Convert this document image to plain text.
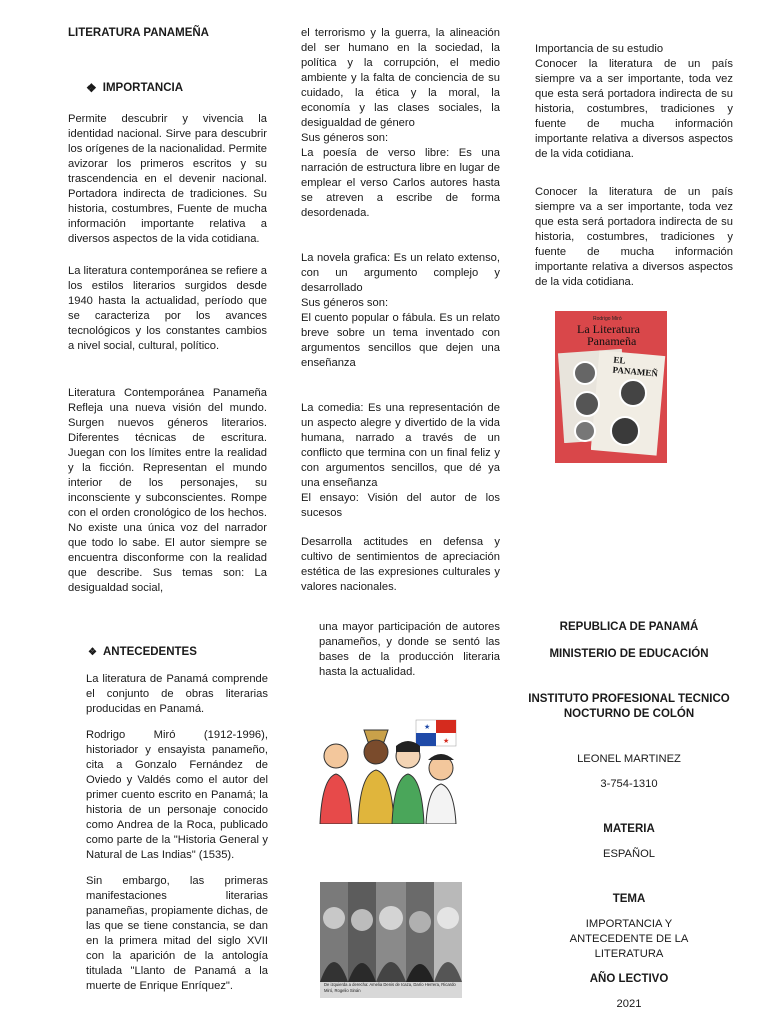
LITERATURA PANAMEÑA

❖ IMPORTANCIA

Permite descubrir y vivencia la identidad nacional. Sirve para descubrir los orígenes de la nacionalidad. Permite avizorar los primeros escritos y su trascendencia en el devenir nacional. Portadora indirecta de tradiciones. Su historia, costumbres, Fuente de mucha información importante relativa a diversos aspectos de la vida cotidiana.

La literatura contemporánea se refiere a los estilos literarios surgidos desde 1940 hasta la actualidad, período que se caracteriza por los avances tecnológicos y los constantes cambios a nivel social, cultural, político.

Literatura Contemporánea Panameña Refleja una nueva visión del mundo. Surgen nuevos géneros literarios. Diferentes técnicas de escritura. Juegan con los límites entre la realidad y la ficción. Representan el mundo interior de los personajes, su inconsciente y subconscientes. Rompe con el orden cronológico de los hechos. No existe una única voz del narrador que todo lo sabe. El autor siempre se encuentra disconforme con la realidad que describe. Sus temas son: La desigualdad social,

el terrorismo y la guerra, la alineación del ser humano en la sociedad, la política y la corrupción, el medio ambiente y la falta de conciencia de su cuidado, la ética y la moral, la economía y las clases sociales, la desigualdad de género
Sus géneros son:
La poesía de verso libre: Es una narración de estructura libre en lugar de emplear el verso Carlos autores hasta se atreven a escribe de forma desordenada.

La novela grafica: Es un relato extenso, con un argumento complejo y desarrollado
Sus géneros son:
El cuento popular o fábula. Es un relato breve sobre un tema inventado con argumentos sencillos que dejen una enseñanza

La comedia: Es una representación de un aspecto alegre y divertido de la vida humana, narrado a través de un conflicto que termina con un final feliz y con argumentos sencillos, que dé ya una enseñanza
El ensayo: Visión del autor de los sucesos

Desarrolla actitudes en defensa y cultivo de sentimientos de apreciación estética de las expresiones culturales y valores nacionales.

Importancia de su estudio
Conocer la literatura de un país siempre va a ser importante, toda vez que esta será portadora indirecta de su historia, costumbres, tradiciones y fuente de mucha información importante relativa a diversos aspectos de la vida cotidiana.

Conocer la literatura de un país siempre va a ser importante, toda vez que esta será portadora indirecta de su historia, costumbres, tradiciones y fuente de mucha información importante relativa a diversos aspectos de la vida cotidiana.

Rodrigo Miró
La Literatura
Panameña
EL PANAMEÑ
❖ ANTECEDENTES

La literatura de Panamá comprende el conjunto de obras literarias producidas en Panamá.

Rodrigo Miró (1912-1996), historiador y ensayista panameño, cita a Gonzalo Fernández de Oviedo y Valdés como el autor del primer cuento escrito en Panamá; la historia de un personaje conocido como Andrea de la Roca, publicado como parte de la "Historia General y Natural de Las Indias" (1535).

Sin embargo, las primeras manifestaciones literarias panameñas, propiamente dichas, de las que se tiene constancia, se dan en la primera mitad del siglo XVII con la aparición de la antología titulada "Llanto de Panamá a la muerte de Enrique Enríquez".

una mayor participación de autores panameños, y donde se sentó las bases de la producción literaria hasta la actualidad.

★
★
De izquierda a derecha: Amelia Denis de Icaza, Darío Herrera, Ricardo Miró, Rogelio Sinán
REPUBLICA DE PANAMÁ
MINISTERIO DE EDUCACIÓN
INSTITUTO PROFESIONAL TECNICO NOCTURNO DE COLÓN
LEONEL MARTINEZ
3-754-1310
MATERIA
ESPAÑOL
TEMA
IMPORTANCIA Y ANTECEDENTE DE LA LITERATURA
AÑO LECTIVO
2021
